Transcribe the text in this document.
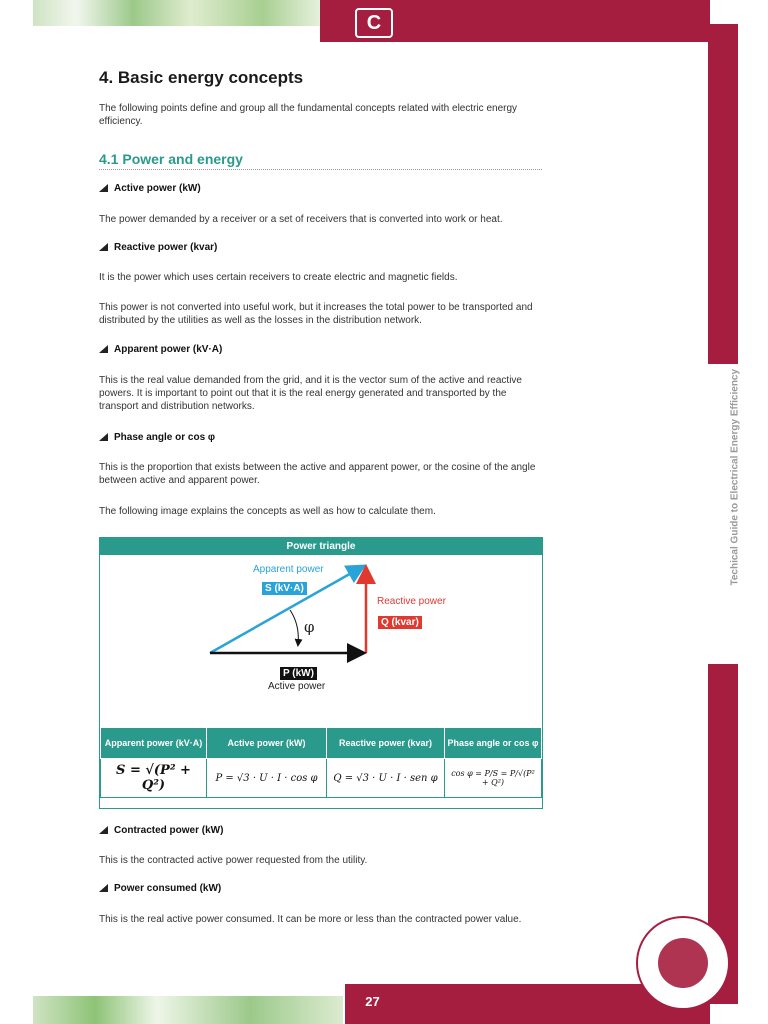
C
Techical Guide to Electrical Energy Efficiency
27
4. Basic energy concepts
The following points define and group all the fundamental concepts related with electric energy efficiency.
4.1 Power and energy
Active power (kW)
The power demanded by a receiver or a set of receivers that is converted into work or heat.
Reactive power (kvar)
It is the power which uses certain receivers to create electric and magnetic fields.
This power is not converted into useful work, but it increases the total power to be transported and distributed by the utilities as well as the losses in the distribution network.
Apparent power (kV·A)
This is the real value demanded from the grid, and it is the vector sum of the active and reactive powers. It is important to point out that it is the real energy generated and transported by the transport and distribution networks.
Phase angle or cos φ
This is the proportion that exists between the active and apparent power, or the cosine of the angle between active and apparent power.
The following image explains the concepts as well as how to calculate them.
Power triangle
Apparent power
S (kV·A)
Reactive power
Q (kvar)
φ
P (kW)
Active power
Apparent power (kV·A)	Active power (kW)	Reactive power (kvar)	Phase angle or cos φ
S = √(P² + Q²)	P = √3 · U · I · cos φ	Q = √3 · U · I · sen φ	cos φ = P/S = P/√(P² + Q²)
Contracted power (kW)
This is the contracted active power requested from the utility.
Power consumed (kW)
This is the real active power consumed. It can be more or less than the contracted power value.
